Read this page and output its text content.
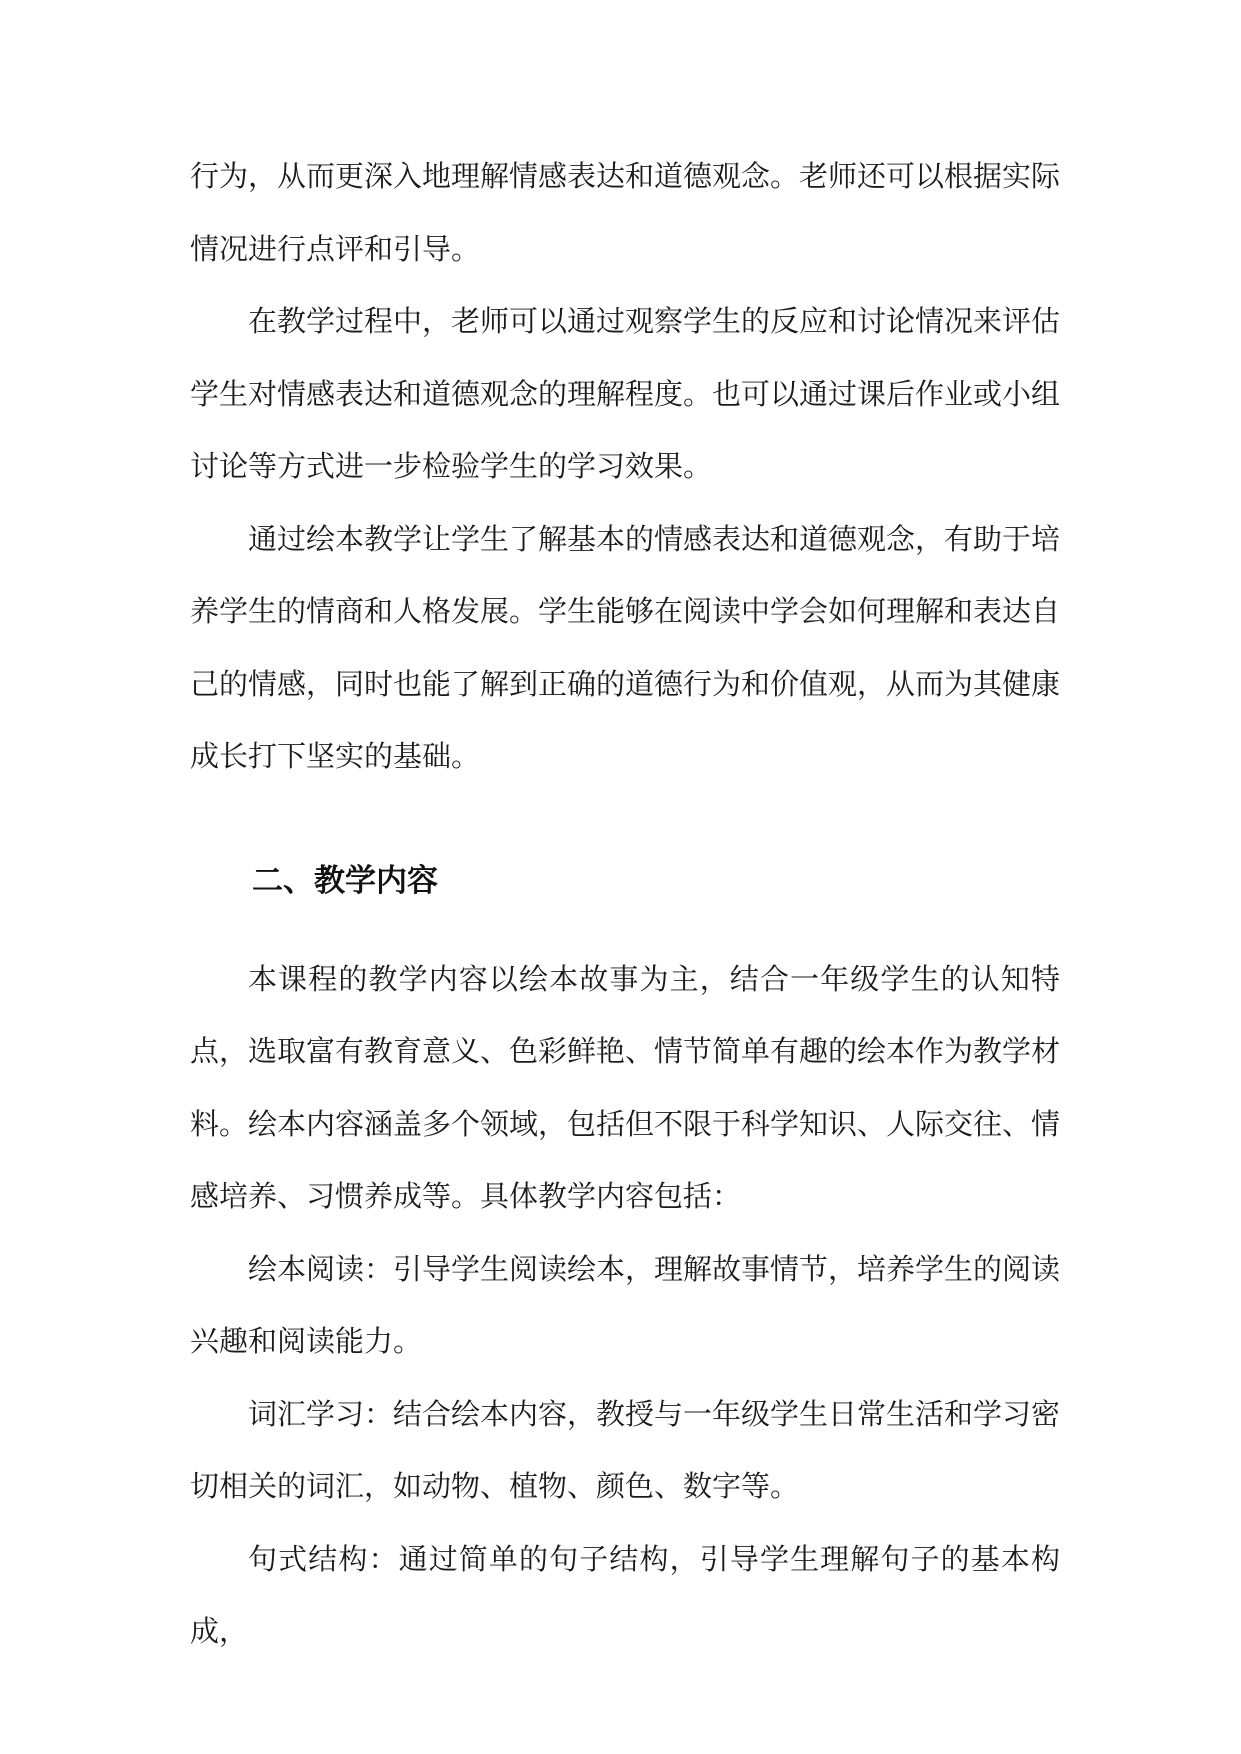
行为，从而更深入地理解情感表达和道德观念。老师还可以根据实际情况进行点评和引导。

在教学过程中，老师可以通过观察学生的反应和讨论情况来评估学生对情感表达和道德观念的理解程度。也可以通过课后作业或小组讨论等方式进一步检验学生的学习效果。

通过绘本教学让学生了解基本的情感表达和道德观念，有助于培养学生的情商和人格发展。学生能够在阅读中学会如何理解和表达自己的情感，同时也能了解到正确的道德行为和价值观，从而为其健康成长打下坚实的基础。

二、教学内容

本课程的教学内容以绘本故事为主，结合一年级学生的认知特点，选取富有教育意义、色彩鲜艳、情节简单有趣的绘本作为教学材料。绘本内容涵盖多个领域，包括但不限于科学知识、人际交往、情感培养、习惯养成等。具体教学内容包括：

绘本阅读：引导学生阅读绘本，理解故事情节，培养学生的阅读兴趣和阅读能力。

词汇学习：结合绘本内容，教授与一年级学生日常生活和学习密切相关的词汇，如动物、植物、颜色、数字等。

句式结构：通过简单的句子结构，引导学生理解句子的基本构成，
